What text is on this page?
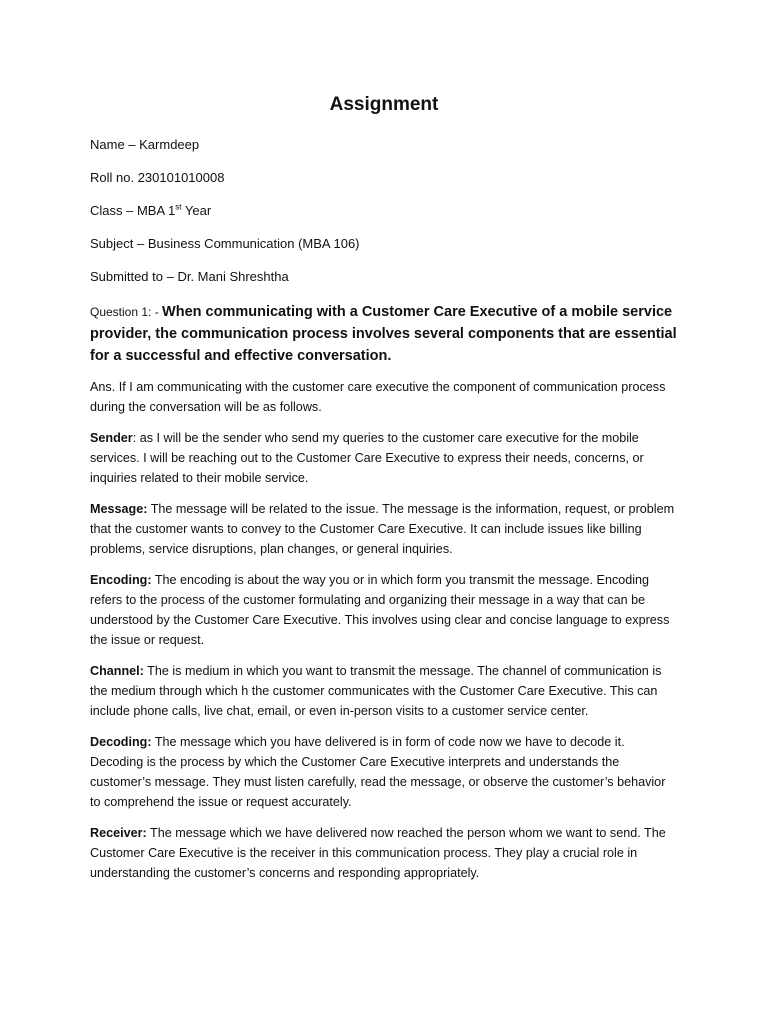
Assignment
Name – Karmdeep
Roll no. 230101010008
Class – MBA 1st Year
Subject – Business Communication (MBA 106)
Submitted to – Dr. Mani Shreshtha
Question 1: - When communicating with a Customer Care Executive of a mobile service provider, the communication process involves several components that are essential for a successful and effective conversation.
Ans. If I am communicating with the customer care executive the component of communication process during the conversation will be as follows.
Sender: as I will be the sender who send my queries to the customer care executive for the mobile services. I will be reaching out to the Customer Care Executive to express their needs, concerns, or inquiries related to their mobile service.
Message: The message will be related to the issue. The message is the information, request, or problem that the customer wants to convey to the Customer Care Executive. It can include issues like billing problems, service disruptions, plan changes, or general inquiries.
Encoding: The encoding is about the way you or in which form you transmit the message. Encoding refers to the process of the customer formulating and organizing their message in a way that can be understood by the Customer Care Executive. This involves using clear and concise language to express the issue or request.
Channel: The is medium in which you want to transmit the message. The channel of communication is the medium through which h the customer communicates with the Customer Care Executive. This can include phone calls, live chat, email, or even in-person visits to a customer service center.
Decoding: The message which you have delivered is in form of code now we have to decode it. Decoding is the process by which the Customer Care Executive interprets and understands the customer’s message. They must listen carefully, read the message, or observe the customer’s behavior to comprehend the issue or request accurately.
Receiver: The message which we have delivered now reached the person whom we want to send. The Customer Care Executive is the receiver in this communication process. They play a crucial role in understanding the customer’s concerns and responding appropriately.
